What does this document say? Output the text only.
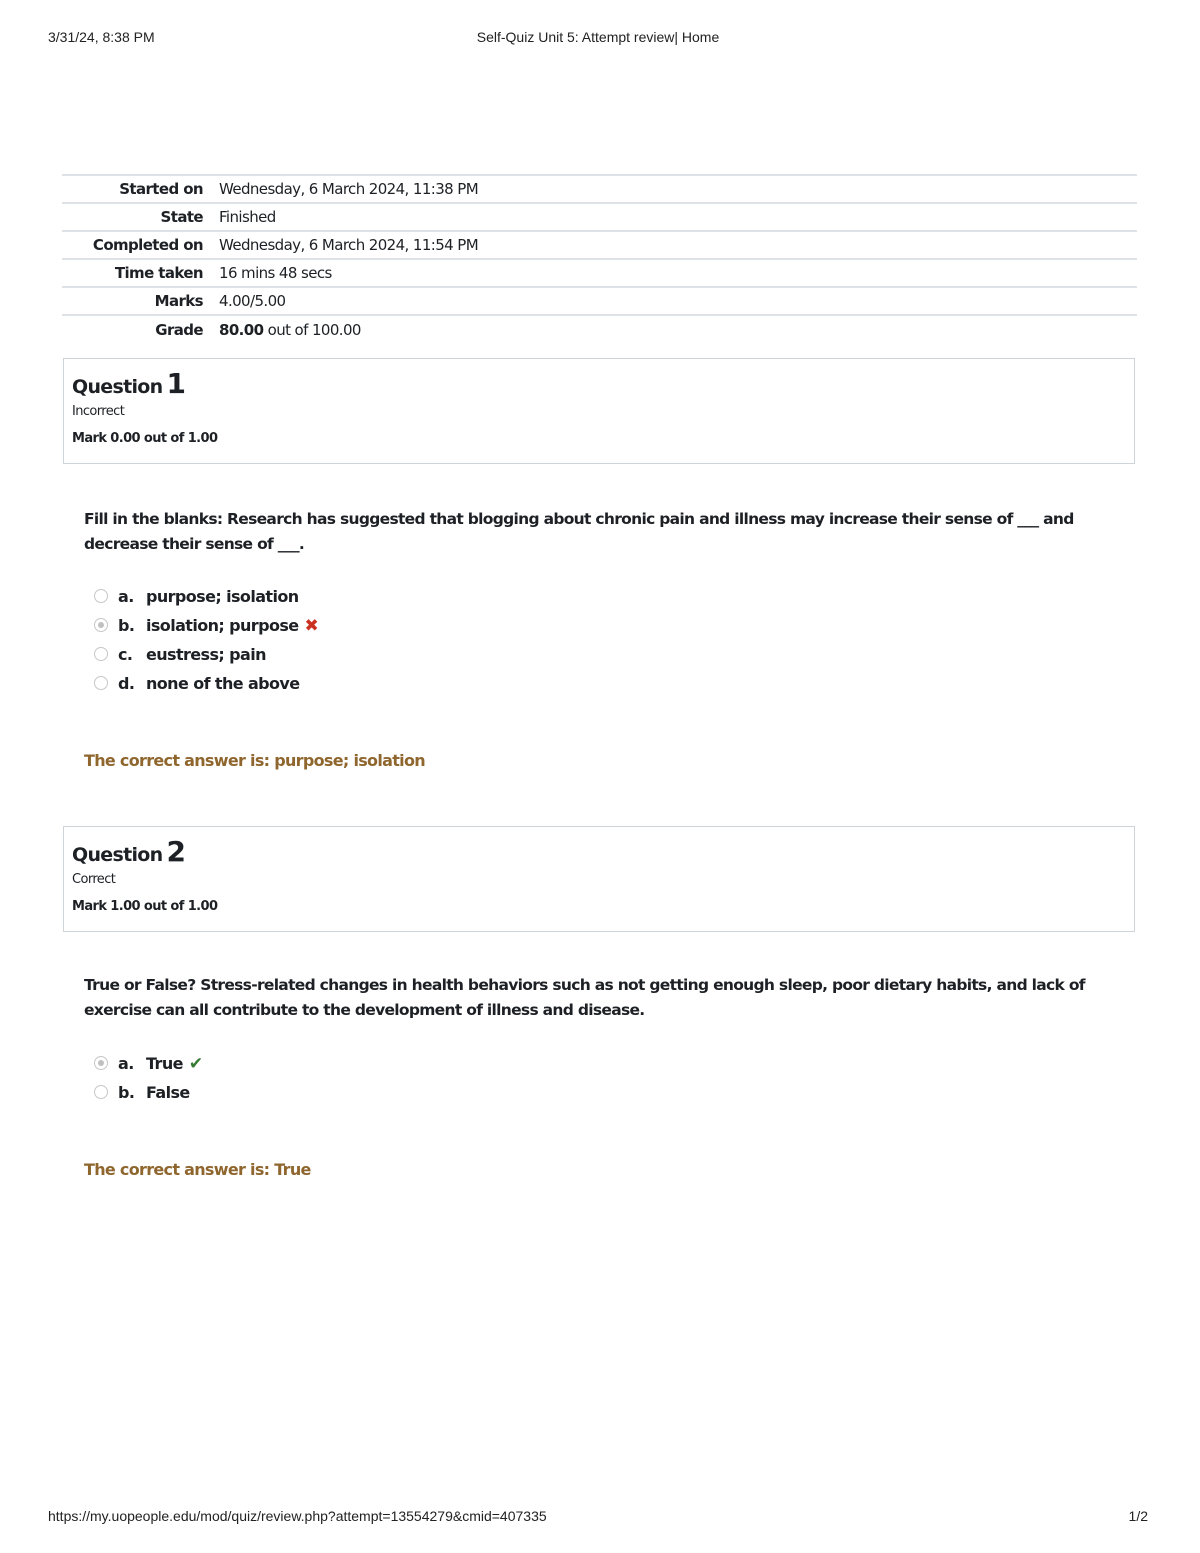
3/31/24, 8:38 PM	Self-Quiz Unit 5: Attempt review| Home
Started on	Wednesday, 6 March 2024, 11:38 PM
State	Finished
Completed on	Wednesday, 6 March 2024, 11:54 PM
Time taken	16 mins 48 secs
Marks	4.00/5.00
Grade	80.00 out of 100.00
Question 1
Incorrect
Mark 0.00 out of 1.00
Fill in the blanks: Research has suggested that blogging about chronic pain and illness may increase their sense of ___ and decrease their sense of ___.
a. purpose; isolation
b. isolation; purpose ✖
c. eustress; pain
d. none of the above
The correct answer is: purpose; isolation
Question 2
Correct
Mark 1.00 out of 1.00
True or False? Stress-related changes in health behaviors such as not getting enough sleep, poor dietary habits, and lack of exercise can all contribute to the development of illness and disease.
a. True ✔
b. False
The correct answer is: True
https://my.uopeople.edu/mod/quiz/review.php?attempt=13554279&cmid=407335	1/2
